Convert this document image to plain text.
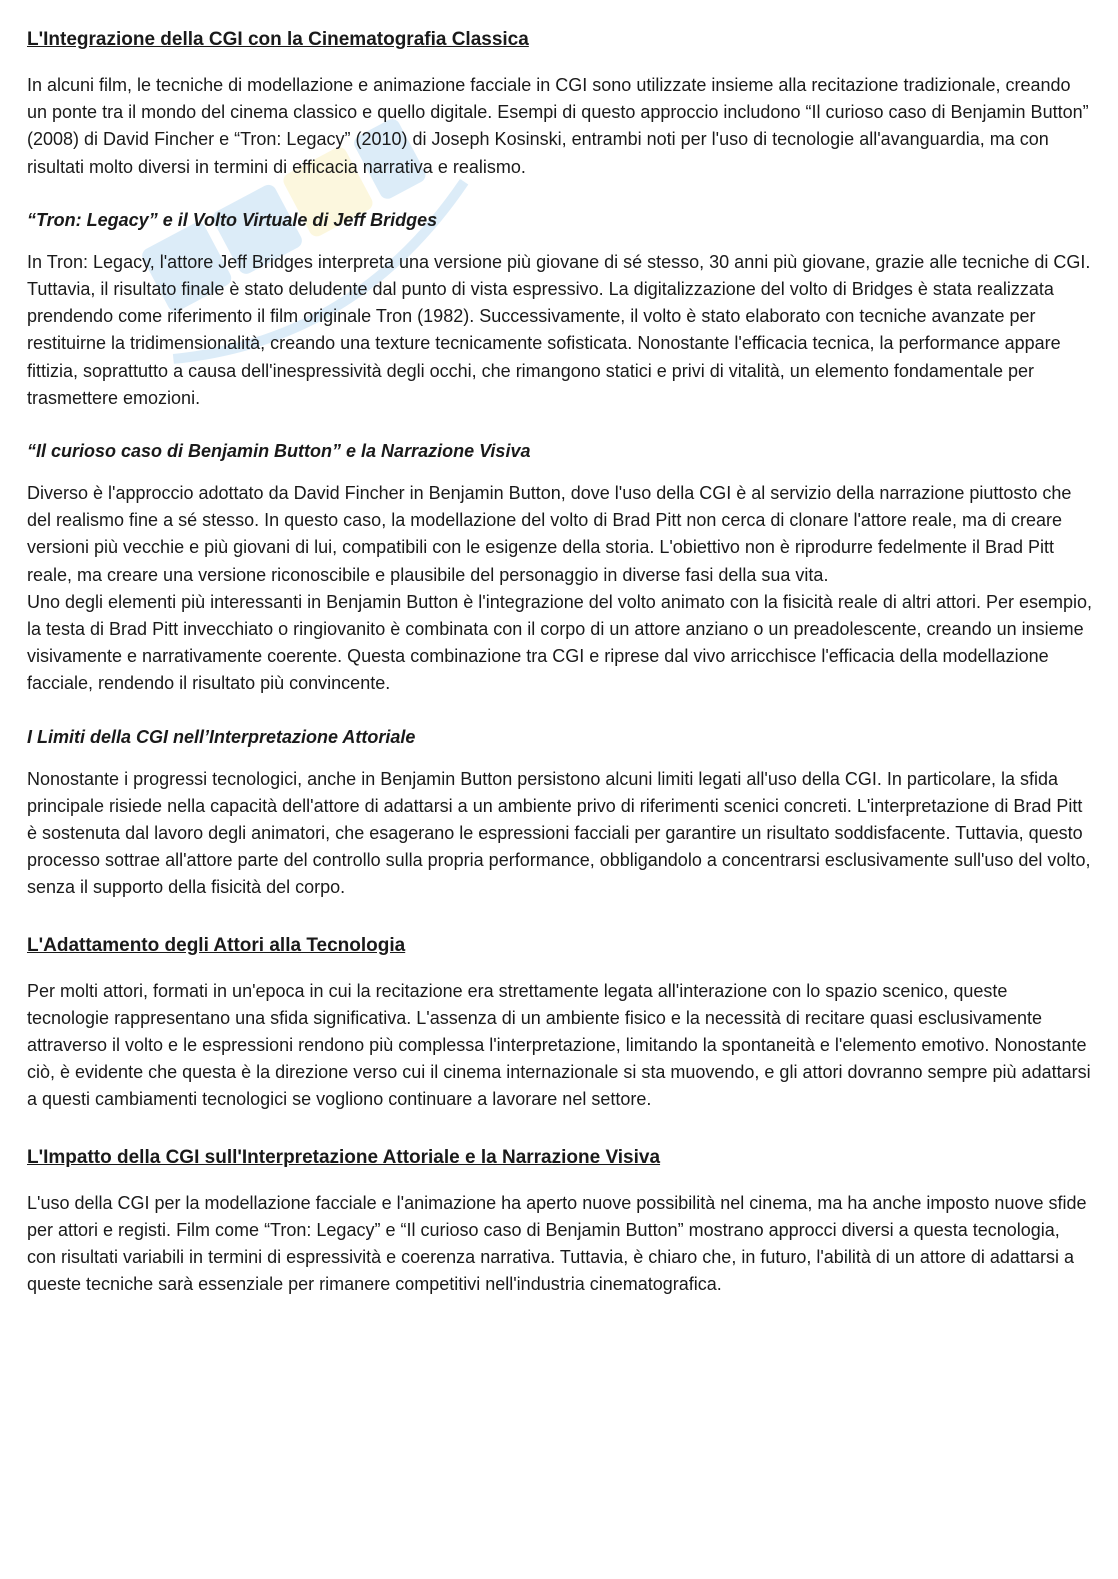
L'Integrazione della CGI con la Cinematografia Classica

In alcuni film, le tecniche di modellazione e animazione facciale in CGI sono utilizzate insieme alla recitazione tradizionale, creando un ponte tra il mondo del cinema classico e quello digitale. Esempi di questo approccio includono “Il curioso caso di Benjamin Button” (2008) di David Fincher e “Tron: Legacy” (2010) di Joseph Kosinski, entrambi noti per l'uso di tecnologie all'avanguardia, ma con risultati molto diversi in termini di efficacia narrativa e realismo.

“Tron: Legacy” e il Volto Virtuale di Jeff Bridges

In Tron: Legacy, l'attore Jeff Bridges interpreta una versione più giovane di sé stesso, 30 anni più giovane, grazie alle tecniche di CGI. Tuttavia, il risultato finale è stato deludente dal punto di vista espressivo. La digitalizzazione del volto di Bridges è stata realizzata prendendo come riferimento il film originale Tron (1982). Successivamente, il volto è stato elaborato con tecniche avanzate per restituirne la tridimensionalità, creando una texture tecnicamente sofisticata. Nonostante l'efficacia tecnica, la performance appare fittizia, soprattutto a causa dell'inespressività degli occhi, che rimangono statici e privi di vitalità, un elemento fondamentale per trasmettere emozioni.

“Il curioso caso di Benjamin Button” e la Narrazione Visiva

Diverso è l'approccio adottato da David Fincher in Benjamin Button, dove l'uso della CGI è al servizio della narrazione piuttosto che del realismo fine a sé stesso. In questo caso, la modellazione del volto di Brad Pitt non cerca di clonare l'attore reale, ma di creare versioni più vecchie e più giovani di lui, compatibili con le esigenze della storia. L'obiettivo non è riprodurre fedelmente il Brad Pitt reale, ma creare una versione riconoscibile e plausibile del personaggio in diverse fasi della sua vita.

Uno degli elementi più interessanti in Benjamin Button è l'integrazione del volto animato con la fisicità reale di altri attori. Per esempio, la testa di Brad Pitt invecchiato o ringiovanito è combinata con il corpo di un attore anziano o un preadolescente, creando un insieme visivamente e narrativamente coerente. Questa combinazione tra CGI e riprese dal vivo arricchisce l'efficacia della modellazione facciale, rendendo il risultato più convincente.

I Limiti della CGI nell’Interpretazione Attoriale

Nonostante i progressi tecnologici, anche in Benjamin Button persistono alcuni limiti legati all'uso della CGI. In particolare, la sfida principale risiede nella capacità dell'attore di adattarsi a un ambiente privo di riferimenti scenici concreti. L'interpretazione di Brad Pitt è sostenuta dal lavoro degli animatori, che esagerano le espressioni facciali per garantire un risultato soddisfacente. Tuttavia, questo processo sottrae all'attore parte del controllo sulla propria performance, obbligandolo a concentrarsi esclusivamente sull'uso del volto, senza il supporto della fisicità del corpo.

L'Adattamento degli Attori alla Tecnologia

Per molti attori, formati in un'epoca in cui la recitazione era strettamente legata all'interazione con lo spazio scenico, queste tecnologie rappresentano una sfida significativa. L'assenza di un ambiente fisico e la necessità di recitare quasi esclusivamente attraverso il volto e le espressioni rendono più complessa l'interpretazione, limitando la spontaneità e l'elemento emotivo. Nonostante ciò, è evidente che questa è la direzione verso cui il cinema internazionale si sta muovendo, e gli attori dovranno sempre più adattarsi a questi cambiamenti tecnologici se vogliono continuare a lavorare nel settore.

L'Impatto della CGI sull'Interpretazione Attoriale e la Narrazione Visiva

L'uso della CGI per la modellazione facciale e l'animazione ha aperto nuove possibilità nel cinema, ma ha anche imposto nuove sfide per attori e registi. Film come “Tron: Legacy” e “Il curioso caso di Benjamin Button” mostrano approcci diversi a questa tecnologia, con risultati variabili in termini di espressività e coerenza narrativa. Tuttavia, è chiaro che, in futuro, l'abilità di un attore di adattarsi a queste tecniche sarà essenziale per rimanere competitivi nell'industria cinematografica.
